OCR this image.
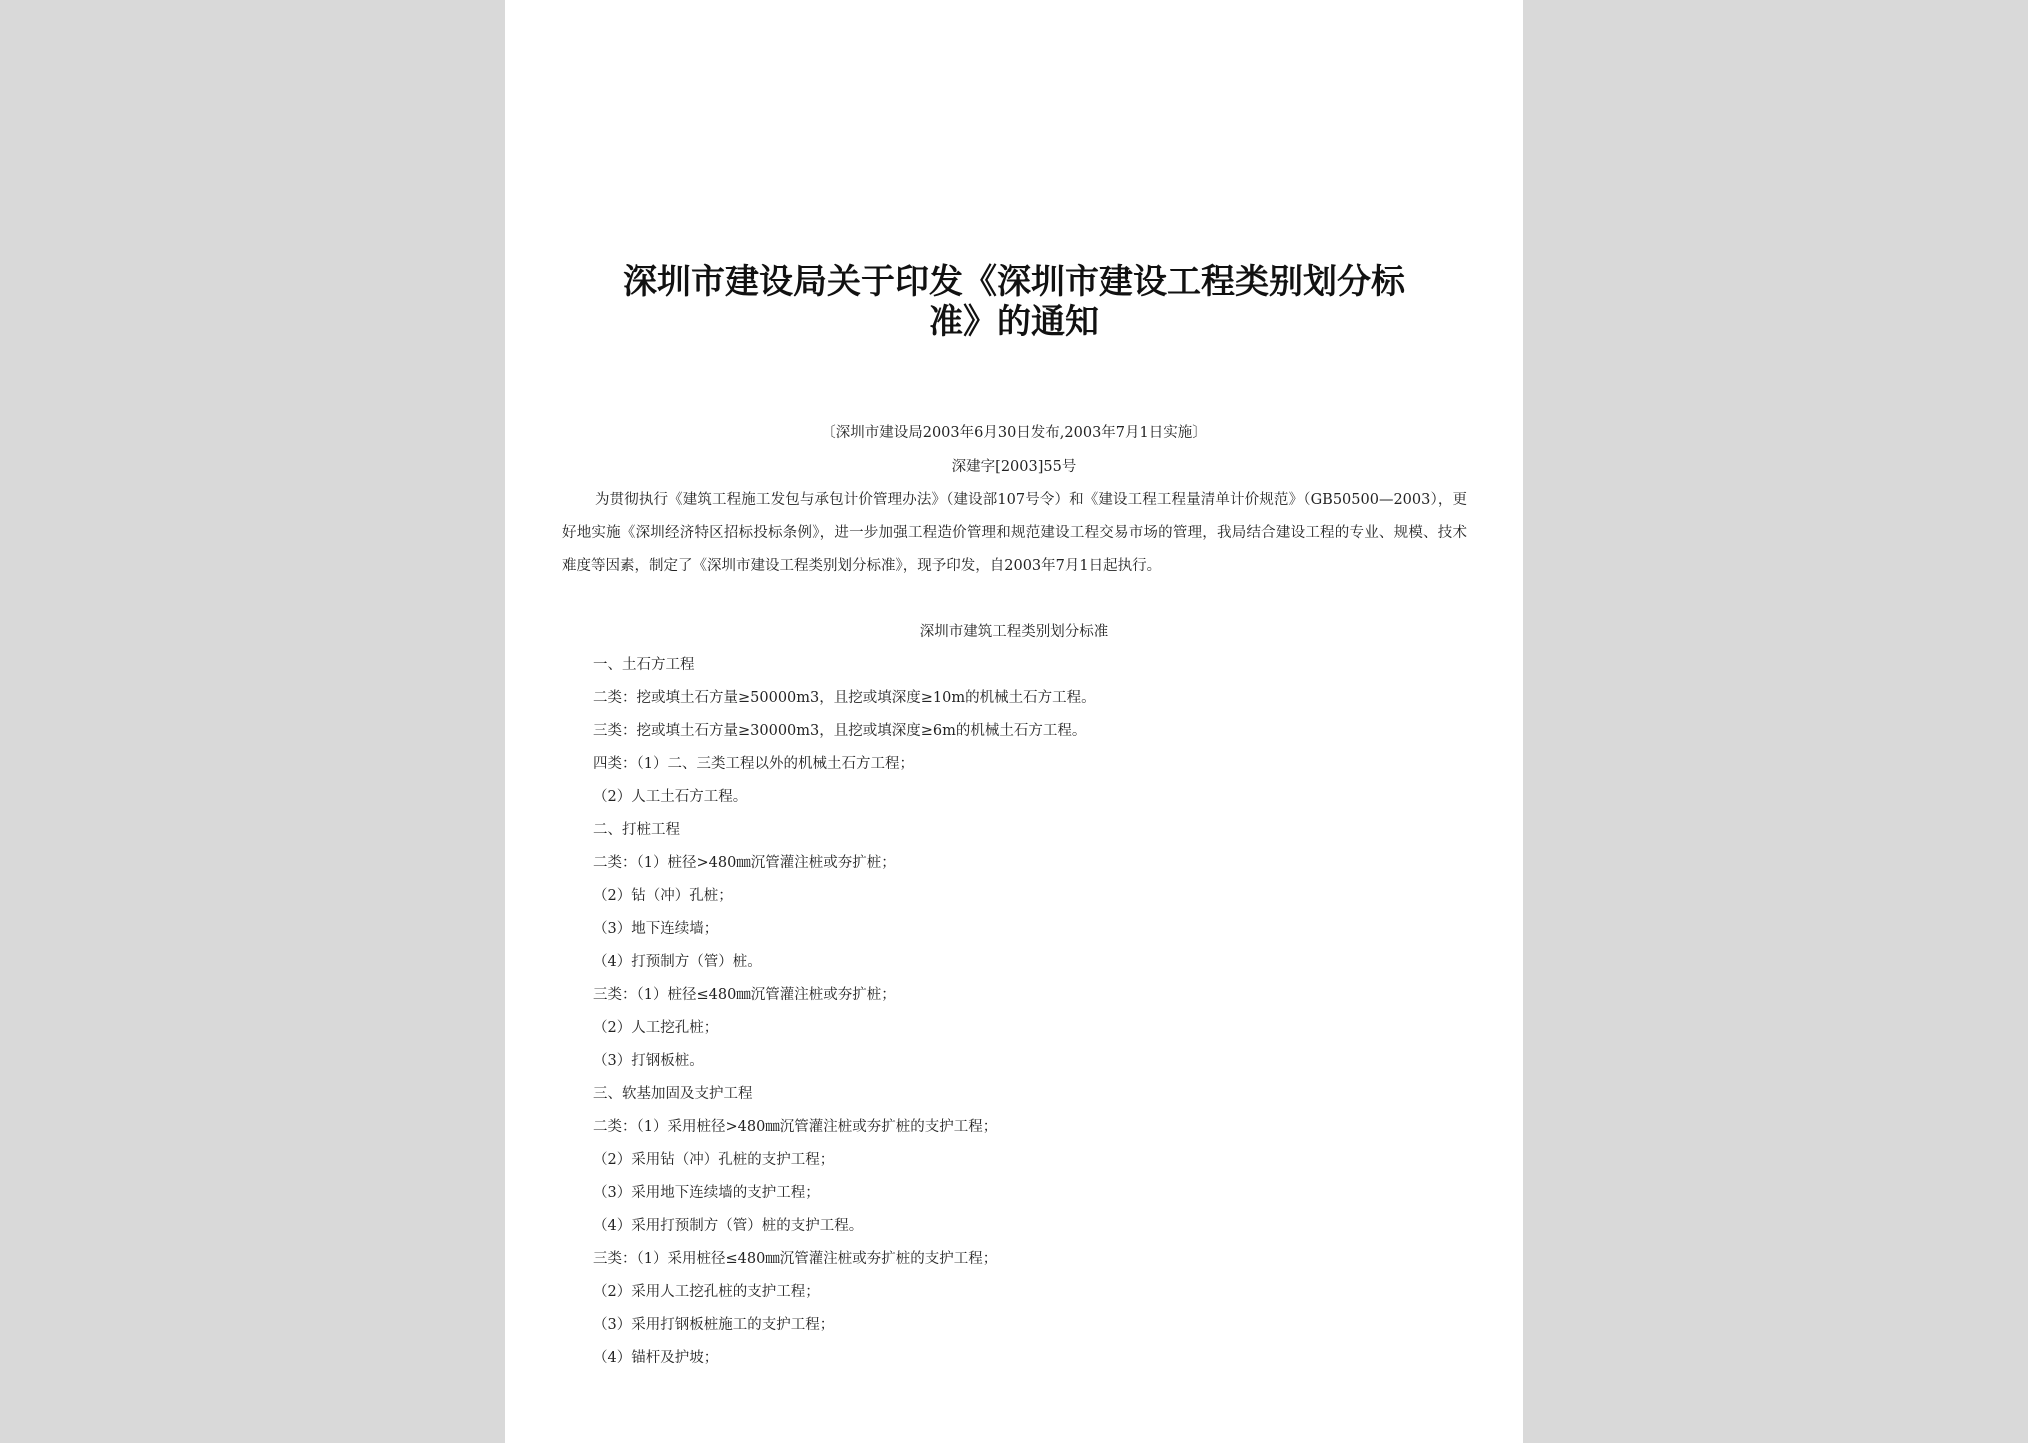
深圳市建设局关于印发《深圳市建设工程类别划分标
准》的通知
〔深圳市建设局2003年6月30日发布,2003年7月1日实施〕
深建字[2003]55号

为贯彻执行《建筑工程施工发包与承包计价管理办法》（建设部107号令）和《建设工程工程量清单计价规范》（GB50500—2003），更好地实施《深圳经济特区招标投标条例》，进一步加强工程造价管理和规范建设工程交易市场的管理，我局结合建设工程的专业、规模、技术难度等因素，制定了《深圳市建设工程类别划分标准》，现予印发，自2003年7月1日起执行。

深圳市建筑工程类别划分标准
一、土石方工程
二类：挖或填土石方量≥50000m3，且挖或填深度≥10m的机械土石方工程。
三类：挖或填土石方量≥30000m3，且挖或填深度≥6m的机械土石方工程。
四类：（1）二、三类工程以外的机械土石方工程；
（2）人工土石方工程。
二、打桩工程
二类：（1）桩径>480㎜沉管灌注桩或夯扩桩；
（2）钻（冲）孔桩；
（3）地下连续墙；
（4）打预制方（管）桩。
三类：（1）桩径≤480㎜沉管灌注桩或夯扩桩；
（2）人工挖孔桩；
（3）打钢板桩。
三、软基加固及支护工程
二类：（1）采用桩径>480㎜沉管灌注桩或夯扩桩的支护工程；
（2）采用钻（冲）孔桩的支护工程；
（3）采用地下连续墙的支护工程；
（4）采用打预制方（管）桩的支护工程。
三类：（1）采用桩径≤480㎜沉管灌注桩或夯扩桩的支护工程；
（2）采用人工挖孔桩的支护工程；
（3）采用打钢板桩施工的支护工程；
（4）锚杆及护坡；
